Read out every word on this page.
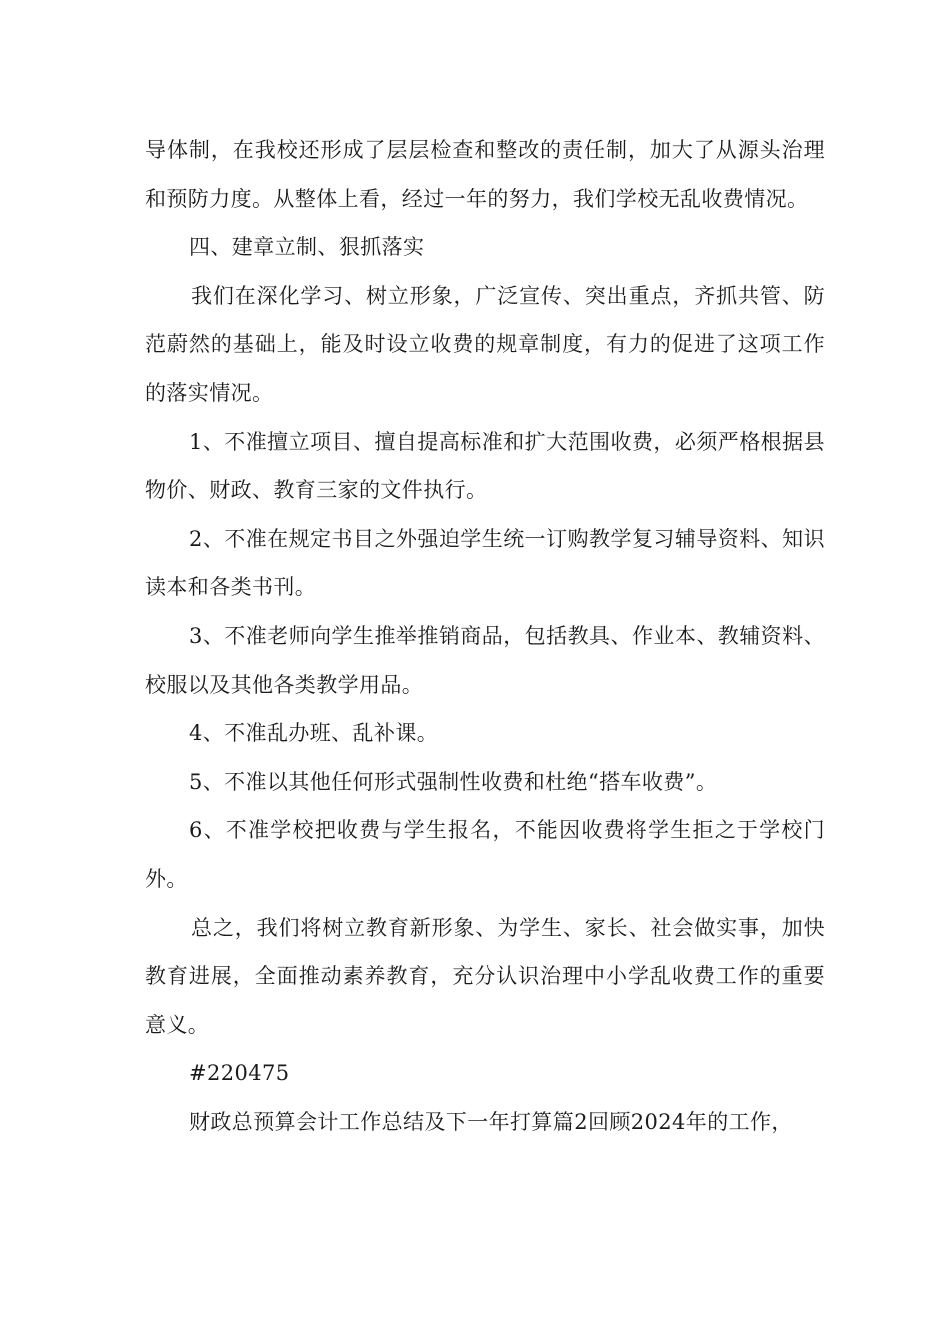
导体制，在我校还形成了层层检查和整改的责任制，加大了从源头治理和预防力度。从整体上看，经过一年的努力，我们学校无乱收费情况。

四、建章立制、狠抓落实

我们在深化学习、树立形象，广泛宣传、突出重点，齐抓共管、防范蔚然的基础上，能及时设立收费的规章制度，有力的促进了这项工作的落实情况。

1、不准擅立项目、擅自提高标准和扩大范围收费，必须严格根据县物价、财政、教育三家的文件执行。

2、不准在规定书目之外强迫学生统一订购教学复习辅导资料、知识读本和各类书刊。

3、不准老师向学生推举推销商品，包括教具、作业本、教辅资料、校服以及其他各类教学用品。

4、不准乱办班、乱补课。

5、不准以其他任何形式强制性收费和杜绝“搭车收费”。

6、不准学校把收费与学生报名，不能因收费将学生拒之于学校门外。

总之，我们将树立教育新形象、为学生、家长、社会做实事，加快教育进展，全面推动素养教育，充分认识治理中小学乱收费工作的重要意义。

#220475

财政总预算会计工作总结及下一年打算篇2回顾2024年的工作，
